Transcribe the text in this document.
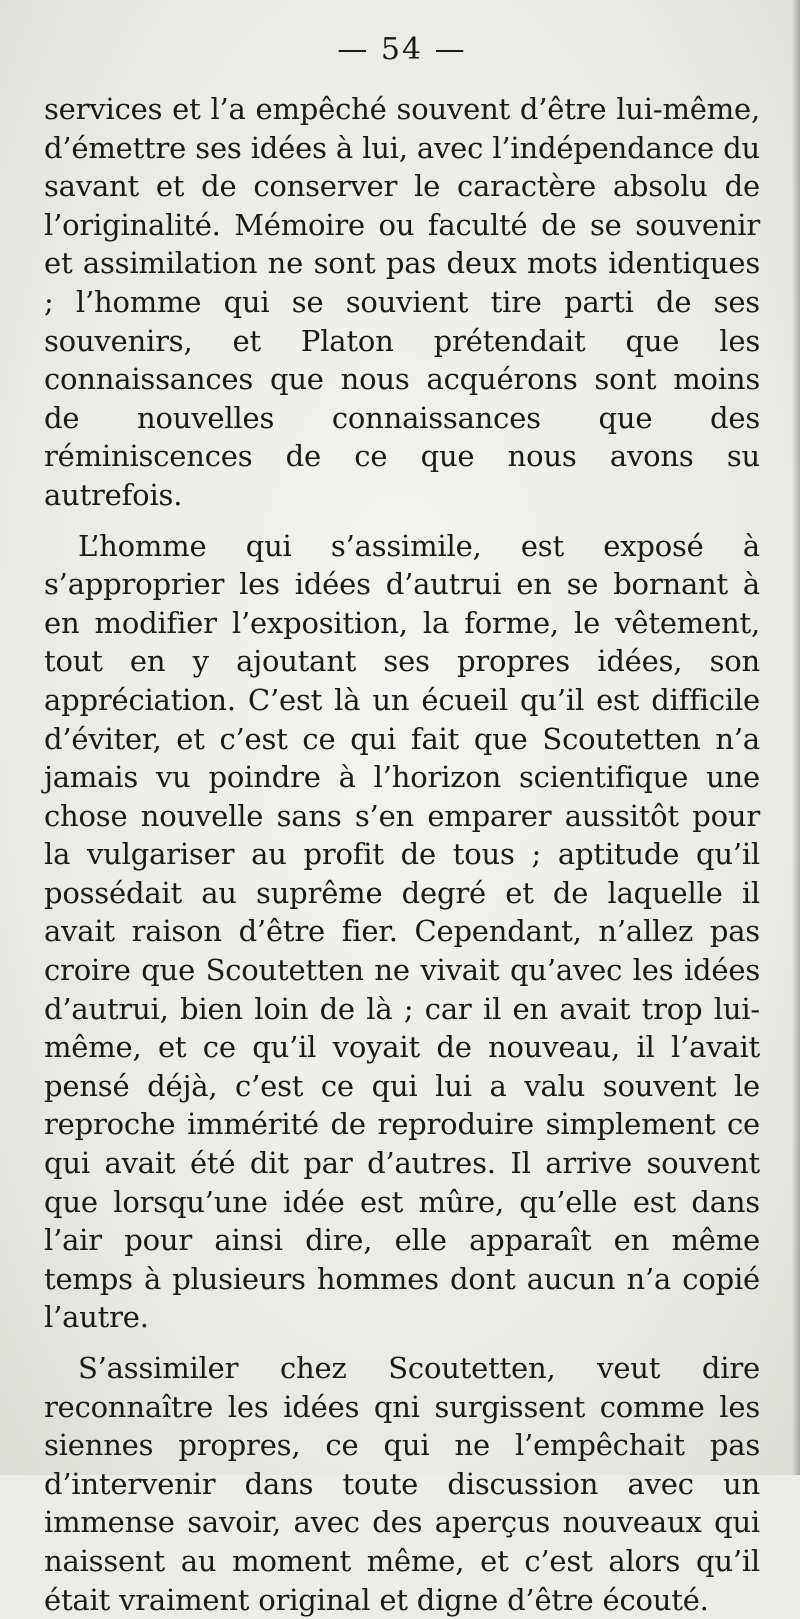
— 54 —

services et l’a empêché souvent d’être lui-même, d’émettre ses idées à lui, avec l’indépendance du savant et de conserver le caractère absolu de l’originalité. Mémoire ou faculté de se souvenir et assimilation ne sont pas deux mots identiques ; l’homme qui se souvient tire parti de ses souvenirs, et Platon prétendait que les connaissances que nous acquérons sont moins de nouvelles connaissances que des réminiscences de ce que nous avons su autrefois.

L’homme qui s’assimile, est exposé à s’approprier les idées d’autrui en se bornant à en modifier l’exposition, la forme, le vêtement, tout en y ajoutant ses propres idées, son appréciation. C’est là un écueil qu’il est difficile d’éviter, et c’est ce qui fait que Scoutetten n’a jamais vu poindre à l’horizon scientifique une chose nouvelle sans s’en emparer aussitôt pour la vulgariser au profit de tous ; aptitude qu’il possédait au suprême degré et de laquelle il avait raison d’être fier. Cependant, n’allez pas croire que Scoutetten ne vivait qu’avec les idées d’autrui, bien loin de là ; car il en avait trop lui-même, et ce qu’il voyait de nouveau, il l’avait pensé déjà, c’est ce qui lui a valu souvent le reproche immérité de reproduire simplement ce qui avait été dit par d’autres. Il arrive souvent que lorsqu’une idée est mûre, qu’elle est dans l’air pour ainsi dire, elle apparaît en même temps à plusieurs hommes dont aucun n’a copié l’autre.

S’assimiler chez Scoutetten, veut dire reconnaître les idées qni surgissent comme les siennes propres, ce qui ne l’empêchait pas d’intervenir dans toute discussion avec un immense savoir, avec des aperçus nouveaux qui naissent au moment même, et c’est alors qu’il était vraiment original et digne d’être écouté.
